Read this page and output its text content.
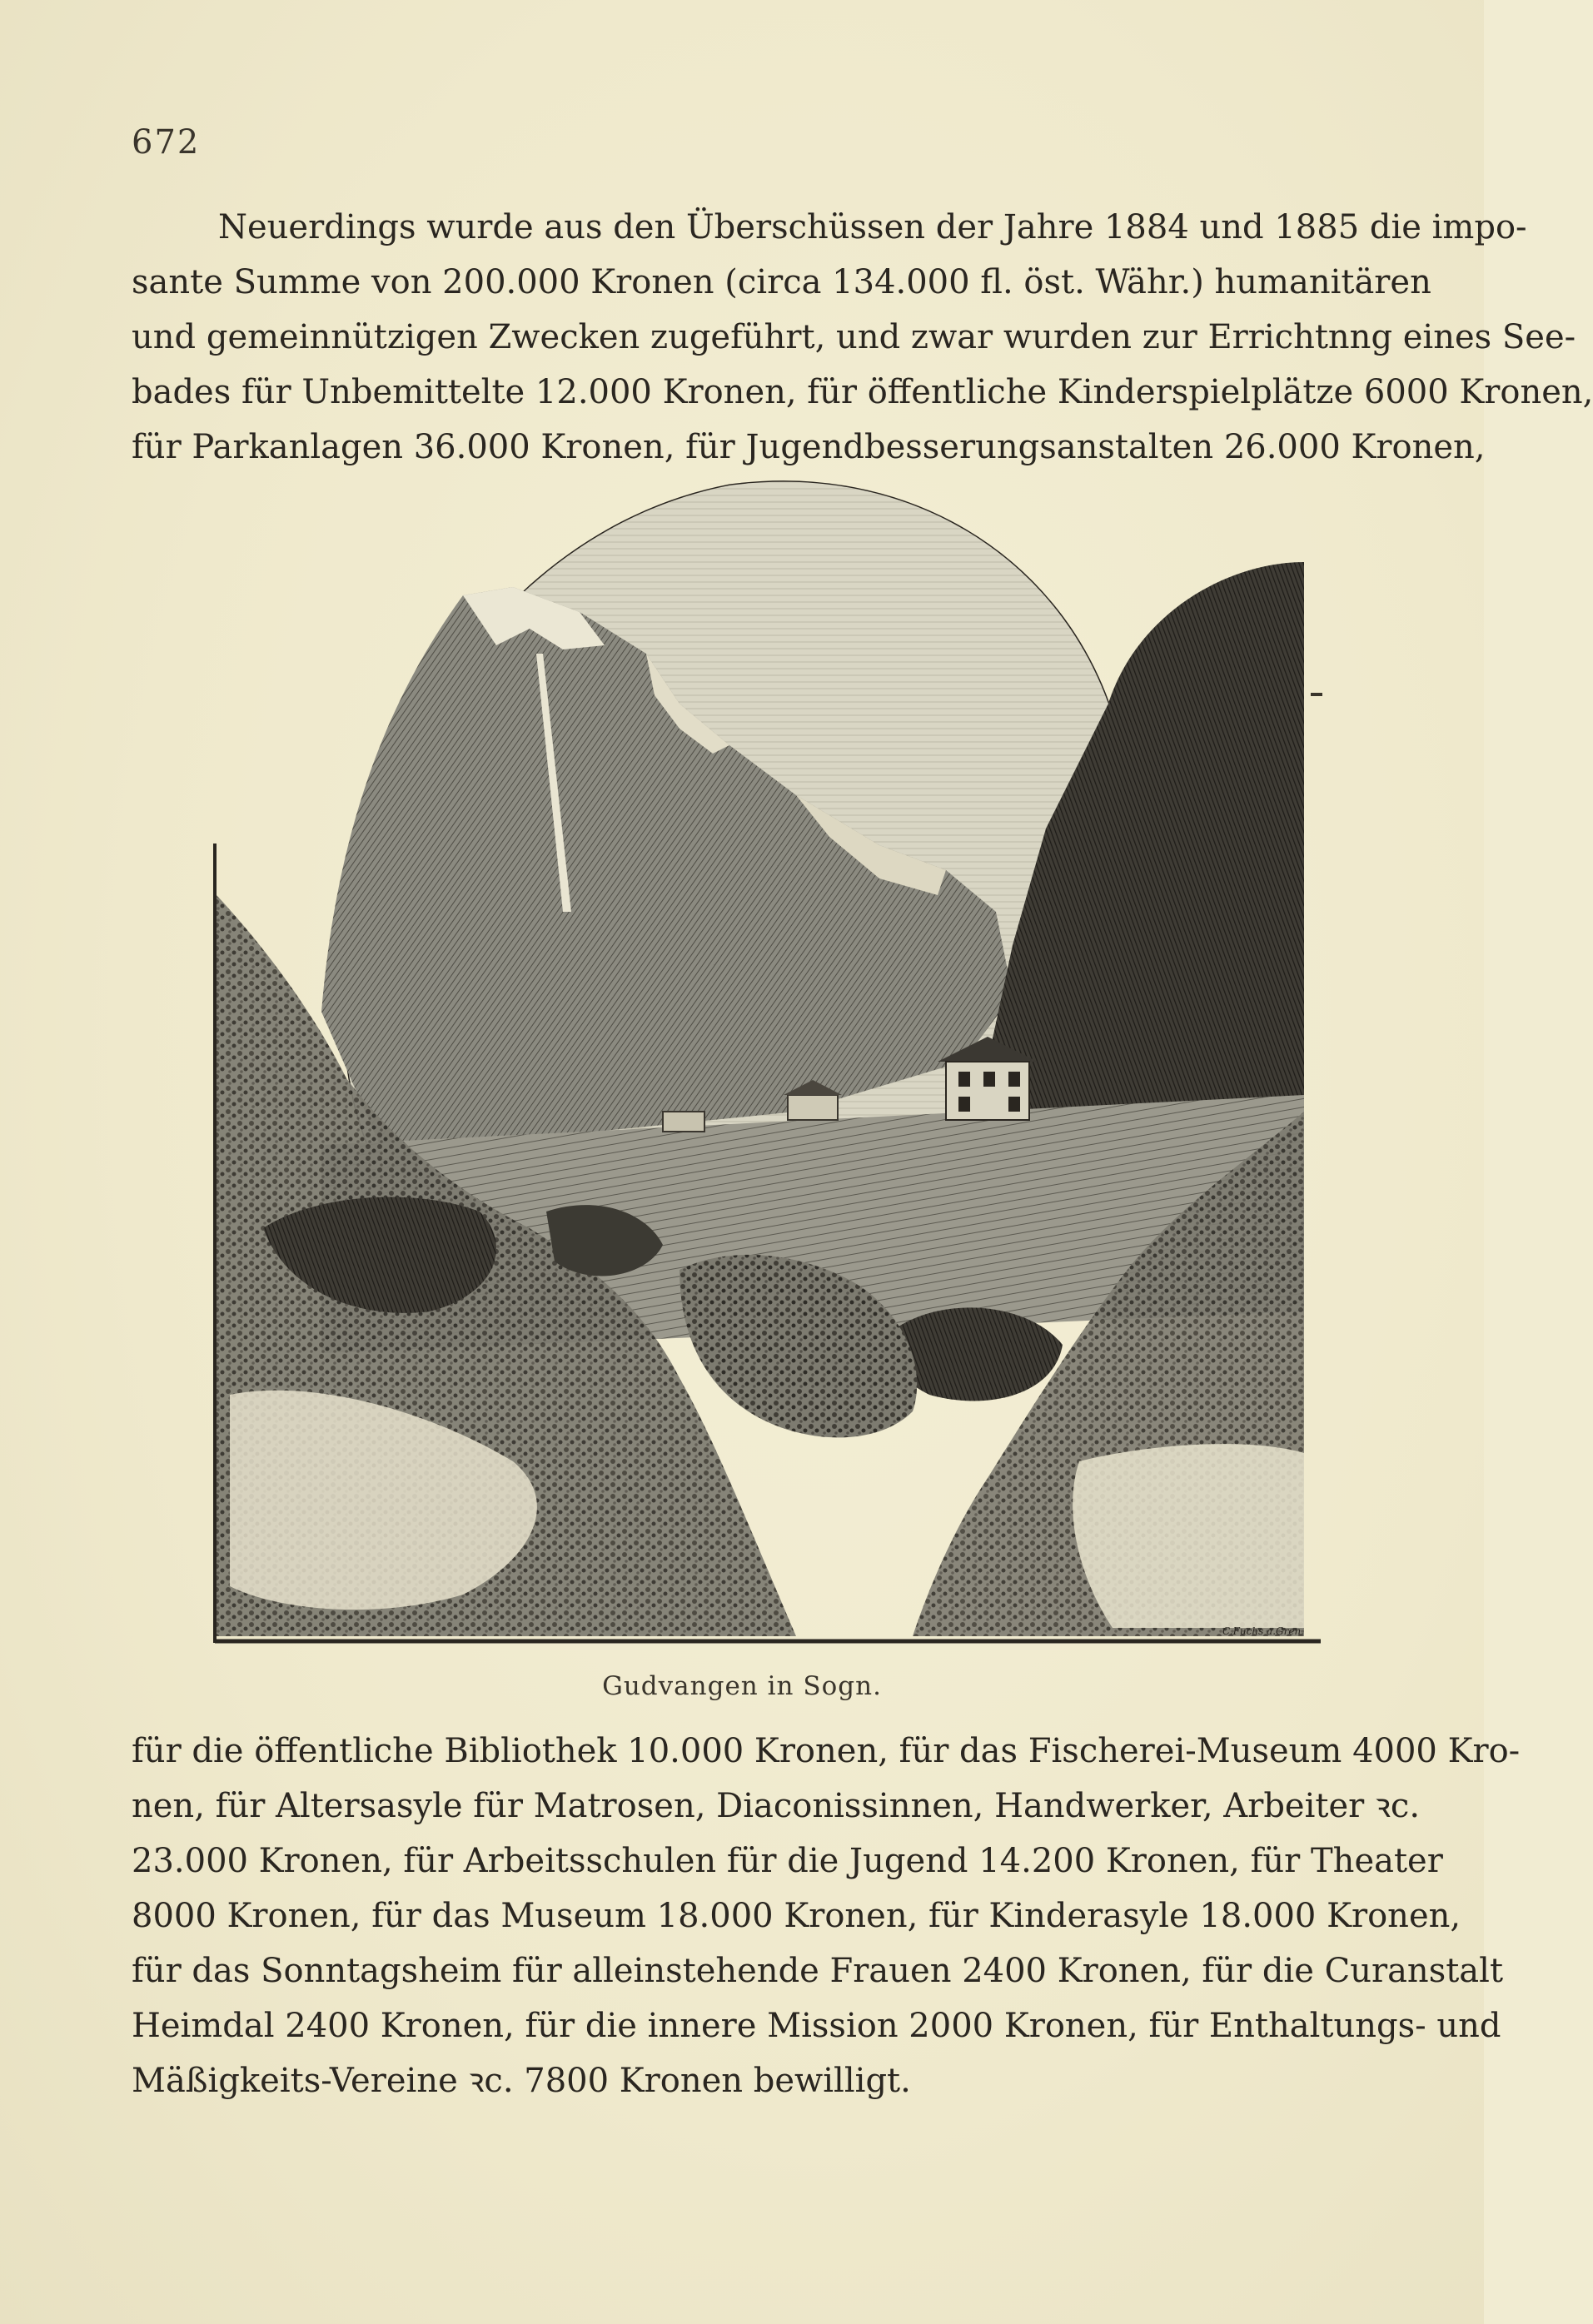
672
Neuerdings wurde aus den Überschüssen der Jahre 1884 und 1885 die impo-
sante Summe von 200.000 Kronen (circa 134.000 fl. öst. Währ.) humanitären
und gemeinnützigen Zwecken zugeführt, und zwar wurden zur Errichtnng eines See-
bades für Unbemittelte 12.000 Kronen, für öffentliche Kinderspielplätze 6000 Kronen,
für Parkanlagen 36.000 Kronen, für Jugendbesserungsanstalten 26.000 Kronen,
C.Fuchs a.Gren.
Gudvangen in Sogn.
für die öffentliche Bibliothek 10.000 Kronen, für das Fischerei-Museum 4000 Kro-
nen, für Altersasyle für Matrosen, Diaconissinnen, Handwerker, Arbeiter ꝛc.
23.000 Kronen, für Arbeitsschulen für die Jugend 14.200 Kronen, für Theater
8000 Kronen, für das Museum 18.000 Kronen, für Kinderasyle 18.000 Kronen,
für das Sonntagsheim für alleinstehende Frauen 2400 Kronen, für die Curanstalt
Heimdal 2400 Kronen, für die innere Mission 2000 Kronen, für Enthaltungs- und
Mäßigkeits-Vereine ꝛc. 7800 Kronen bewilligt.
